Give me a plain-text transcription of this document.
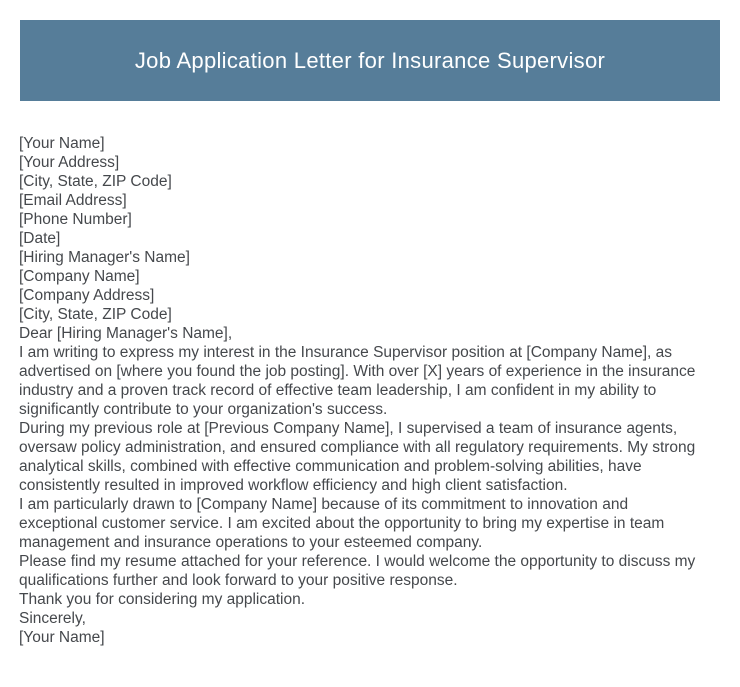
Job Application Letter for Insurance Supervisor

[Your Name]

[Your Address]

[City, State, ZIP Code]

[Email Address]

[Phone Number]

[Date]

[Hiring Manager's Name]

[Company Name]

[Company Address]

[City, State, ZIP Code]

Dear [Hiring Manager's Name],

I am writing to express my interest in the Insurance Supervisor position at [Company Name], as advertised on [where you found the job posting]. With over [X] years of experience in the insurance industry and a proven track record of effective team leadership, I am confident in my ability to significantly contribute to your organization's success.

During my previous role at [Previous Company Name], I supervised a team of insurance agents, oversaw policy administration, and ensured compliance with all regulatory requirements. My strong analytical skills, combined with effective communication and problem-solving abilities, have consistently resulted in improved workflow efficiency and high client satisfaction.

I am particularly drawn to [Company Name] because of its commitment to innovation and exceptional customer service. I am excited about the opportunity to bring my expertise in team management and insurance operations to your esteemed company.

Please find my resume attached for your reference. I would welcome the opportunity to discuss my qualifications further and look forward to your positive response.

Thank you for considering my application.

Sincerely,

[Your Name]
